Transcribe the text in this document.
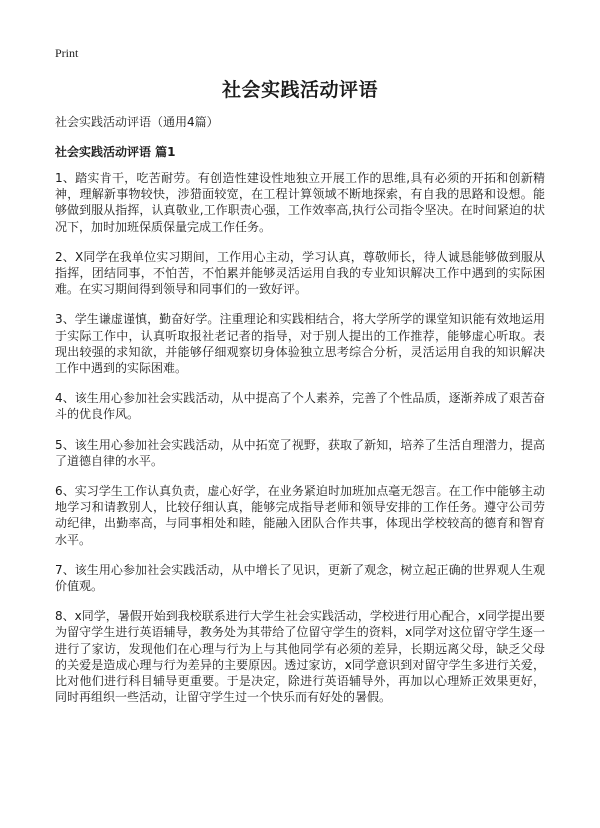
Print
社会实践活动评语
社会实践活动评语（通用4篇）
社会实践活动评语 篇1

1、踏实肯干，吃苦耐劳。有创造性建设性地独立开展工作的思维,具有必须的开拓和创新精神，理解新事物较快，涉猎面较宽，在工程计算领域不断地探索，有自我的思路和设想。能够做到服从指挥，认真敬业,工作职责心强，工作效率高,执行公司指令坚决。在时间紧迫的状况下，加时加班保质保量完成工作任务。

2、X同学在我单位实习期间，工作用心主动，学习认真，尊敬师长，待人诚恳能够做到服从指挥，团结同事，不怕苦，不怕累并能够灵活运用自我的专业知识解决工作中遇到的实际困难。在实习期间得到领导和同事们的一致好评。

3、学生谦虚谨慎，勤奋好学。注重理论和实践相结合，将大学所学的课堂知识能有效地运用于实际工作中，认真听取报社老记者的指导，对于别人提出的工作推荐，能够虚心听取。表现出较强的求知欲，并能够仔细观察切身体验独立思考综合分析，灵活运用自我的知识解决工作中遇到的实际困难。

4、该生用心参加社会实践活动，从中提高了个人素养，完善了个性品质，逐渐养成了艰苦奋斗的优良作风。

5、该生用心参加社会实践活动，从中拓宽了视野，获取了新知，培养了生活自理潜力，提高了道德自律的水平。

6、实习学生工作认真负责，虚心好学，在业务紧迫时加班加点毫无怨言。在工作中能够主动地学习和请教别人，比较仔细认真，能够完成指导老师和领导安排的工作任务。遵守公司劳动纪律，出勤率高，与同事相处和睦，能融入团队合作共事，体现出学校较高的德育和智育水平。

7、该生用心参加社会实践活动，从中增长了见识，更新了观念，树立起正确的世界观人生观价值观。

8、x同学，暑假开始到我校联系进行大学生社会实践活动，学校进行用心配合，x同学提出要为留守学生进行英语辅导，教务处为其带给了位留守学生的资料，x同学对这位留守学生逐一进行了家访，发现他们在心理与行为上与其他同学有必须的差异，长期远离父母，缺乏父母的关爱是造成心理与行为差异的主要原因。透过家访，x同学意识到对留守学生多进行关爱，比对他们进行科目辅导更重要。于是决定，除进行英语辅导外，再加以心理矫正效果更好，同时再组织一些活动，让留守学生过一个快乐而有好处的暑假。
